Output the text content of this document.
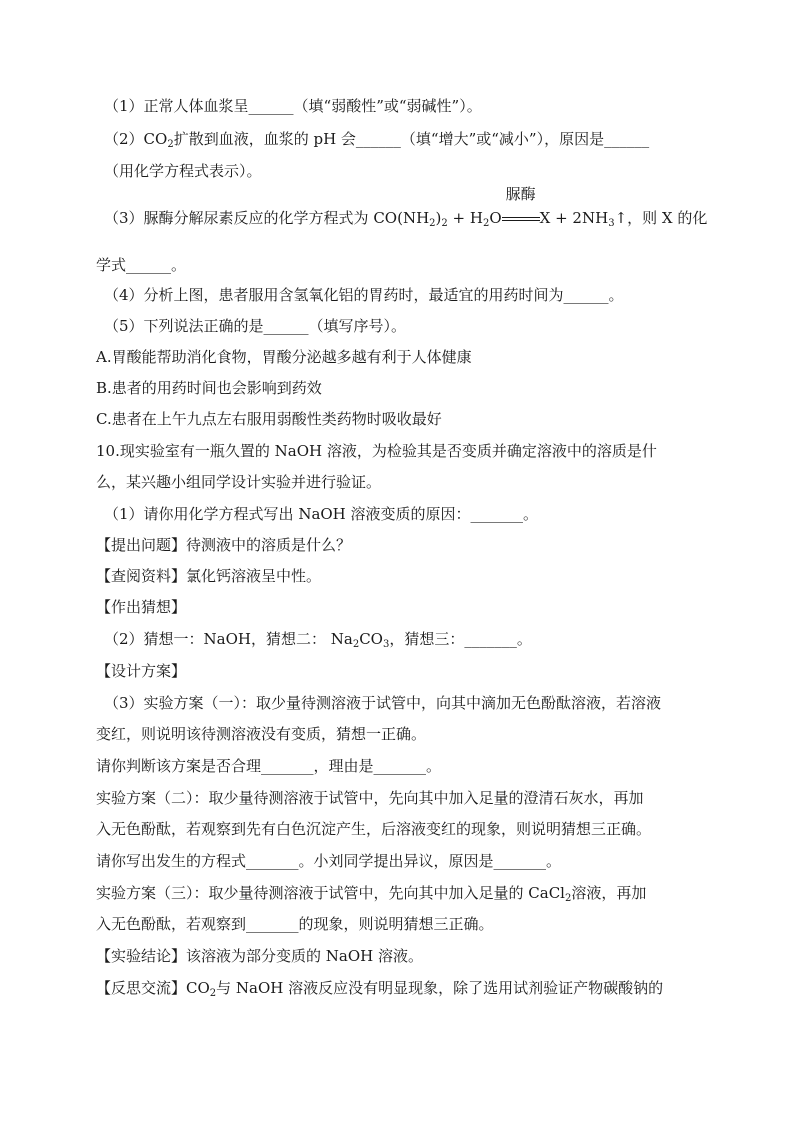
（1）正常人体血浆呈______（填“弱酸性”或“弱碱性”）。
$(2)CO_2$扩散到血液，血浆的 pH 会______（填“增大”或“减小”），原因是______
（用化学方程式表示）。
（3）脲酶分解尿素反应的化学方程式为 $CO(NH_2)_2 + H_2O$
脲酶
$X + 2NH_3↑$，则 X 的化
学式______。
（4）分析上图，患者服用含氢氧化铝的胃药时，最适宜的用药时间为______。
（5）下列说法正确的是______（填写序号）。
A.胃酸能帮助消化食物，胃酸分泌越多越有利于人体健康
B.患者的用药时间也会影响到药效
C.患者在上午九点左右服用弱酸性类药物时吸收最好
10.现实验室有一瓶久置的 NaOH 溶液，为检验其是否变质并确定溶液中的溶质是什
么，某兴趣小组同学设计实验并进行验证。
（1）请你用化学方程式写出 NaOH 溶液变质的原因：_______。
【提出问题】待测液中的溶质是什么？
【查阅资料】氯化钙溶液呈中性。
【作出猜想】
（2）猜想一：NaOH，猜想二： $Na_2CO_3$，猜想三：_______。
【设计方案】
（3）实验方案（一）：取少量待测溶液于试管中，向其中滴加无色酚酞溶液，若溶液
变红，则说明该待测溶液没有变质，猜想一正确。
请你判断该方案是否合理_______，理由是_______。
实验方案（二）：取少量待测溶液于试管中，先向其中加入足量的澄清石灰水，再加
入无色酚酞，若观察到先有白色沉淀产生，后溶液变红的现象，则说明猜想三正确。
请你写出发生的方程式_______。小刘同学提出异议，原因是_______。
实验方案（三）：取少量待测溶液于试管中，先向其中加入足量的 CaCl$_2$溶液，再加
入无色酚酞，若观察到_______的现象，则说明猜想三正确。
【实验结论】该溶液为部分变质的 NaOH 溶液。
【反思交流】$CO_2$与 NaOH 溶液反应没有明显现象，除了选用试剂验证产物碳酸钠的
